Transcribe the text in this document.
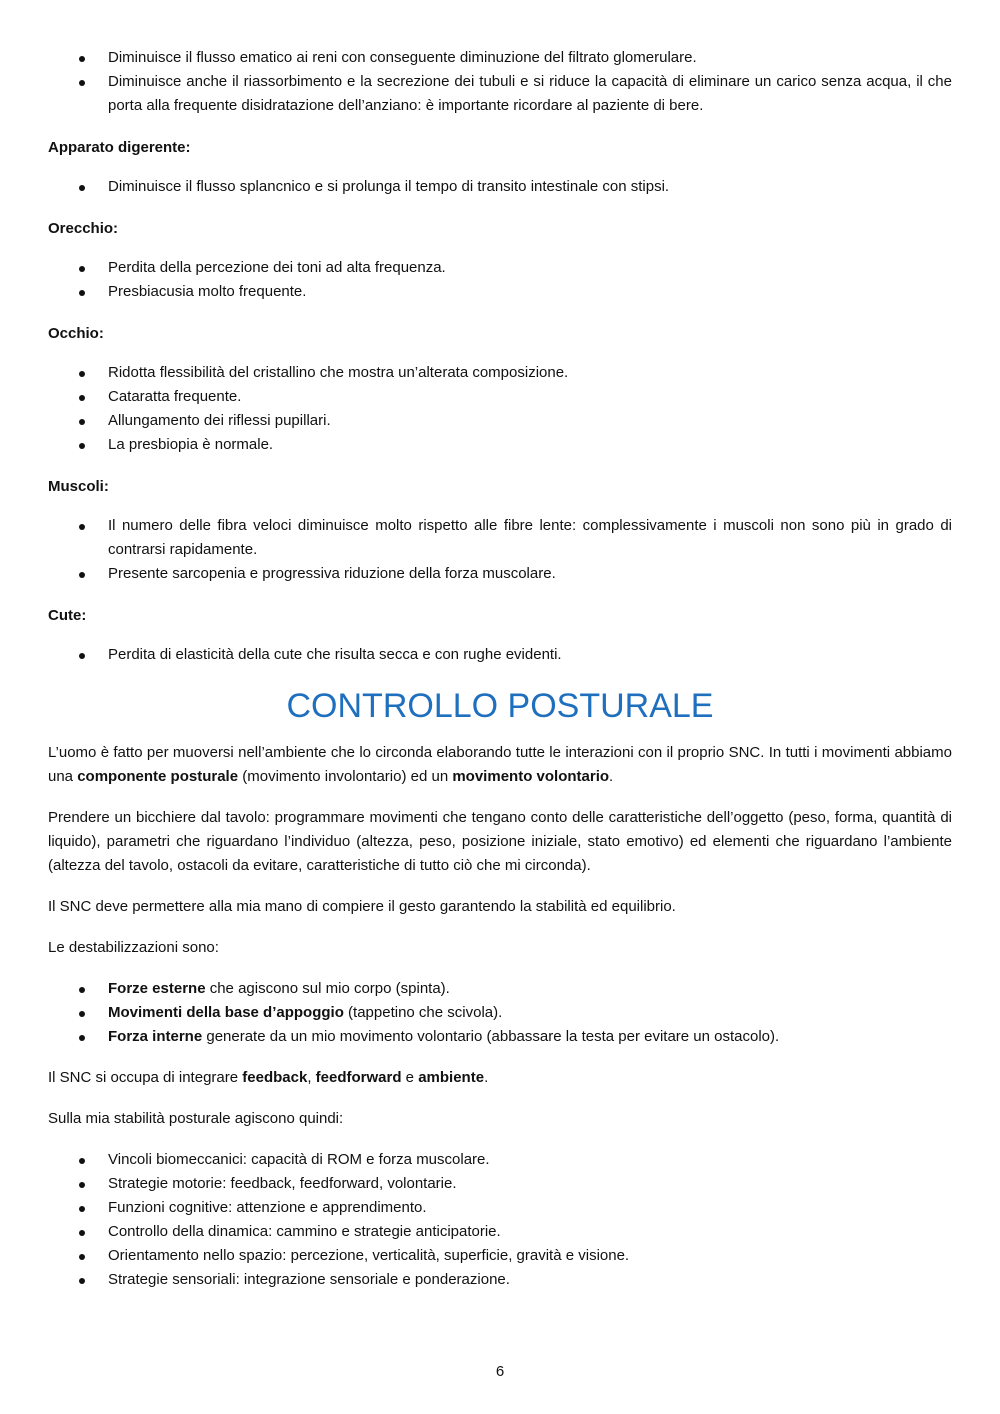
Diminuisce il flusso ematico ai reni con conseguente diminuzione del filtrato glomerulare.
Diminuisce anche il riassorbimento e la secrezione dei tubuli e si riduce la capacità di eliminare un carico senza acqua, il che porta alla frequente disidratazione dell’anziano: è importante ricordare al paziente di bere.
Apparato digerente:
Diminuisce il flusso splancnico e si prolunga il tempo di transito intestinale con stipsi.
Orecchio:
Perdita della percezione dei toni ad alta frequenza.
Presbiacusia molto frequente.
Occhio:
Ridotta flessibilità del cristallino che mostra un’alterata composizione.
Cataratta frequente.
Allungamento dei riflessi pupillari.
La presbiopia è normale.
Muscoli:
Il numero delle fibra veloci diminuisce molto rispetto alle fibre lente: complessivamente i muscoli non sono più in grado di contrarsi rapidamente.
Presente sarcopenia e progressiva riduzione della forza muscolare.
Cute:
Perdita di elasticità della cute che risulta secca e con rughe evidenti.
CONTROLLO POSTURALE

L’uomo è fatto per muoversi nell’ambiente che lo circonda elaborando tutte le interazioni con il proprio SNC. In tutti i movimenti abbiamo una componente posturale (movimento involontario) ed un movimento volontario.

Prendere un bicchiere dal tavolo: programmare movimenti che tengano conto delle caratteristiche dell’oggetto (peso, forma, quantità di liquido), parametri che riguardano l’individuo (altezza, peso, posizione iniziale, stato emotivo) ed elementi che riguardano l’ambiente (altezza del tavolo, ostacoli da evitare, caratteristiche di tutto ciò che mi circonda).

Il SNC deve permettere alla mia mano di compiere il gesto garantendo la stabilità ed equilibrio.

Le destabilizzazioni sono:

Forze esterne che agiscono sul mio corpo (spinta).
Movimenti della base d’appoggio (tappetino che scivola).
Forza interne generate da un mio movimento volontario (abbassare la testa per evitare un ostacolo).

Il SNC si occupa di integrare feedback, feedforward e ambiente.

Sulla mia stabilità posturale agiscono quindi:

Vincoli biomeccanici: capacità di ROM e forza muscolare.
Strategie motorie: feedback, feedforward, volontarie.
Funzioni cognitive: attenzione e apprendimento.
Controllo della dinamica: cammino e strategie anticipatorie.
Orientamento nello spazio: percezione, verticalità, superficie, gravità e visione.
Strategie sensoriali: integrazione sensoriale e ponderazione.
6
